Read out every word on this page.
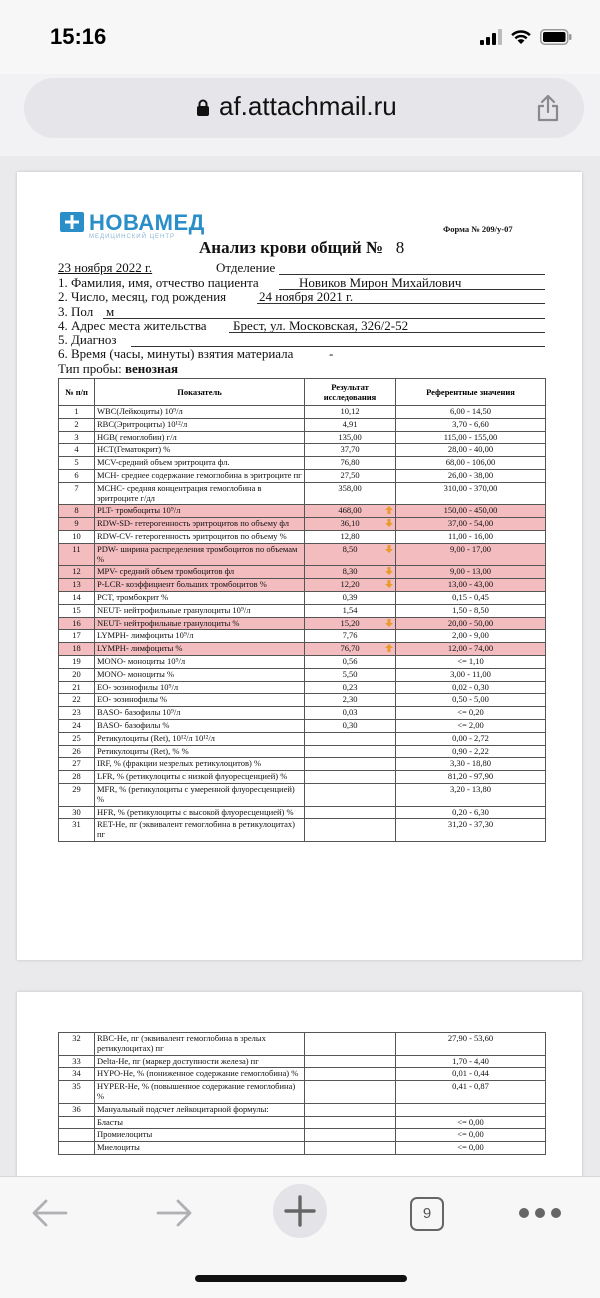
15:16
af.attachmail.ru
НОВАМЕД
МЕДИЦИНСКИЙ ЦЕНТР
Форма № 209/у-07
Анализ крови общий № 8
23 ноября 2022 г.	Отделение
1. Фамилия, имя, отчество пациента	Новиков Мирон Михайлович
2. Число, месяц, год рождения	24 ноября 2021 г.
3. Пол м
4. Адрес места жительства Брест, ул. Московская, 326/2-52
5. Диагноз
6. Время (часы, минуты) взятия материала	-
Тип пробы: венозная
№ п/п	Показатель	Результат исследования	Референтные значения
1	WBC(Лейкоциты) 10⁹/л	10,12	6,00 - 14,50
2	RBC(Эритроциты) 10¹²/л	4,91	3,70 - 6,60
3	HGB( гемоглобин) г/л	135,00	115,00 - 155,00
4	HCT(Гематокрит) %	37,70	28,00 - 40,00
5	MCV-средний объем эритроцита фл.	76,80	68,00 - 106,00
6	MCH- среднее содержание гемоглобина в эритроците пг	27,50	26,00 - 38,00
7	MCHC- средняя концентрация гемоглобина в эритроците г/дл	358,00	310,00 - 370,00
8	PLT- тромбоциты 10⁹/л	468,00	150,00 - 450,00
9	RDW-SD- гетерогенность эритроцитов по объему фл	36,10	37,00 - 54,00
10	RDW-CV- гетерогенность эритроцитов по объему %	12,80	11,00 - 16,00
11	PDW- ширина распределения тромбоцитов по объемам %	8,50	9,00 - 17,00
12	MPV- средний объем тромбоцитов фл	8,30	9,00 - 13,00
13	P-LCR- коэффициент больших тромбоцитов %	12,20	13,00 - 43,00
14	PCT, тромбокрит %	0,39	0,15 - 0,45
15	NEUT- нейтрофильные гранулоциты 10⁹/л	1,54	1,50 - 8,50
16	NEUT- нейтрофильные гранулоциты %	15,20	20,00 - 50,00
17	LYMPH- лимфоциты 10⁹/л	7,76	2,00 - 9,00
18	LYMPH- лимфоциты %	76,70	12,00 - 74,00
19	MONO- моноциты 10⁹/л	0,56	<= 1,10
20	MONO- моноциты %	5,50	3,00 - 11,00
21	EO- эозинофилы 10⁹/л	0,23	0,02 - 0,30
22	EO- эозинофилы %	2,30	0,50 - 5,00
23	BASO- базофилы 10⁹/л	0,03	<= 0,20
24	BASO- базофилы %	0,30	<= 2,00
25	Ретикулоциты (Ret), 10¹²/л 10¹²/л		0,00 - 2,72
26	Ретикулоциты (Ret), % %		0,90 - 2,22
27	IRF, % (фракции незрелых ретикулоцитов) %		3,30 - 18,80
28	LFR, % (ретикулоциты с низкой флуоресценцией) %		81,20 - 97,90
29	MFR, % (ретикулоциты с умеренной флуоресценцией) %		3,20 - 13,80
30	HFR, % (ретикулоциты с высокой флуоресценцией) %		0,20 - 6,30
31	RET-He, пг (эквивалент гемоглобина в ретикулоцитах) пг		31,20 - 37,30
32	RBC-He, пг (эквивалент гемоглобина в зрелых ретикулоцитах) пг		27,90 - 53,60
33	Delta-He, пг (маркер доступности железа) пг		1,70 - 4,40
34	HYPO-He, % (пониженное содержание гемоглобина) %		0,01 - 0,44
35	HYPER-He, % (повышенное содержание гемоглобина) %		0,41 - 0,87
36	Мануальный подсчет лейкоцитарной формулы:		
	Бласты		<= 0,00
	Промиелоциты		<= 0,00
	Миелоциты		<= 0,00
9
